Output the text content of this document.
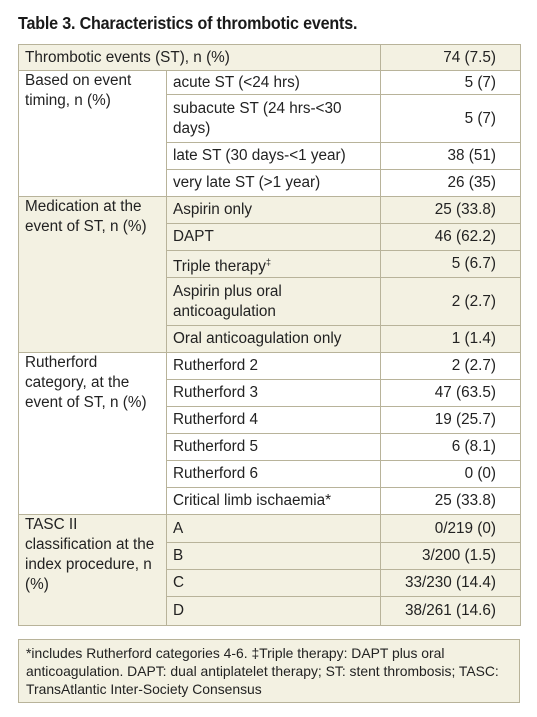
Table 3. Characteristics of thrombotic events.
Thrombotic events (ST), n (%)		74 (7.5)
Based on event timing, n (%)	acute ST (<24 hrs)	5 (7)
	subacute ST (24 hrs-<30 days)	5 (7)
	late ST (30 days-<1 year)	38 (51)
	very late ST (>1 year)	26 (35)
Medication at the event of ST, n (%)	Aspirin only	25 (33.8)
	DAPT	46 (62.2)
	Triple therapy‡	5 (6.7)
	Aspirin plus oral anticoagulation	2 (2.7)
	Oral anticoagulation only	1 (1.4)
Rutherford category, at the event of ST, n (%)	Rutherford 2	2 (2.7)
	Rutherford 3	47 (63.5)
	Rutherford 4	19 (25.7)
	Rutherford 5	6 (8.1)
	Rutherford 6	0 (0)
	Critical limb ischaemia*	25 (33.8)
TASC II classification at the index procedure, n (%)	A	0/219 (0)
	B	3/200 (1.5)
	C	33/230 (14.4)
	D	38/261 (14.6)
*includes Rutherford categories 4-6. ‡Triple therapy: DAPT plus oral anticoagulation. DAPT: dual antiplatelet therapy; ST: stent thrombosis; TASC: TransAtlantic Inter-Society Consensus
